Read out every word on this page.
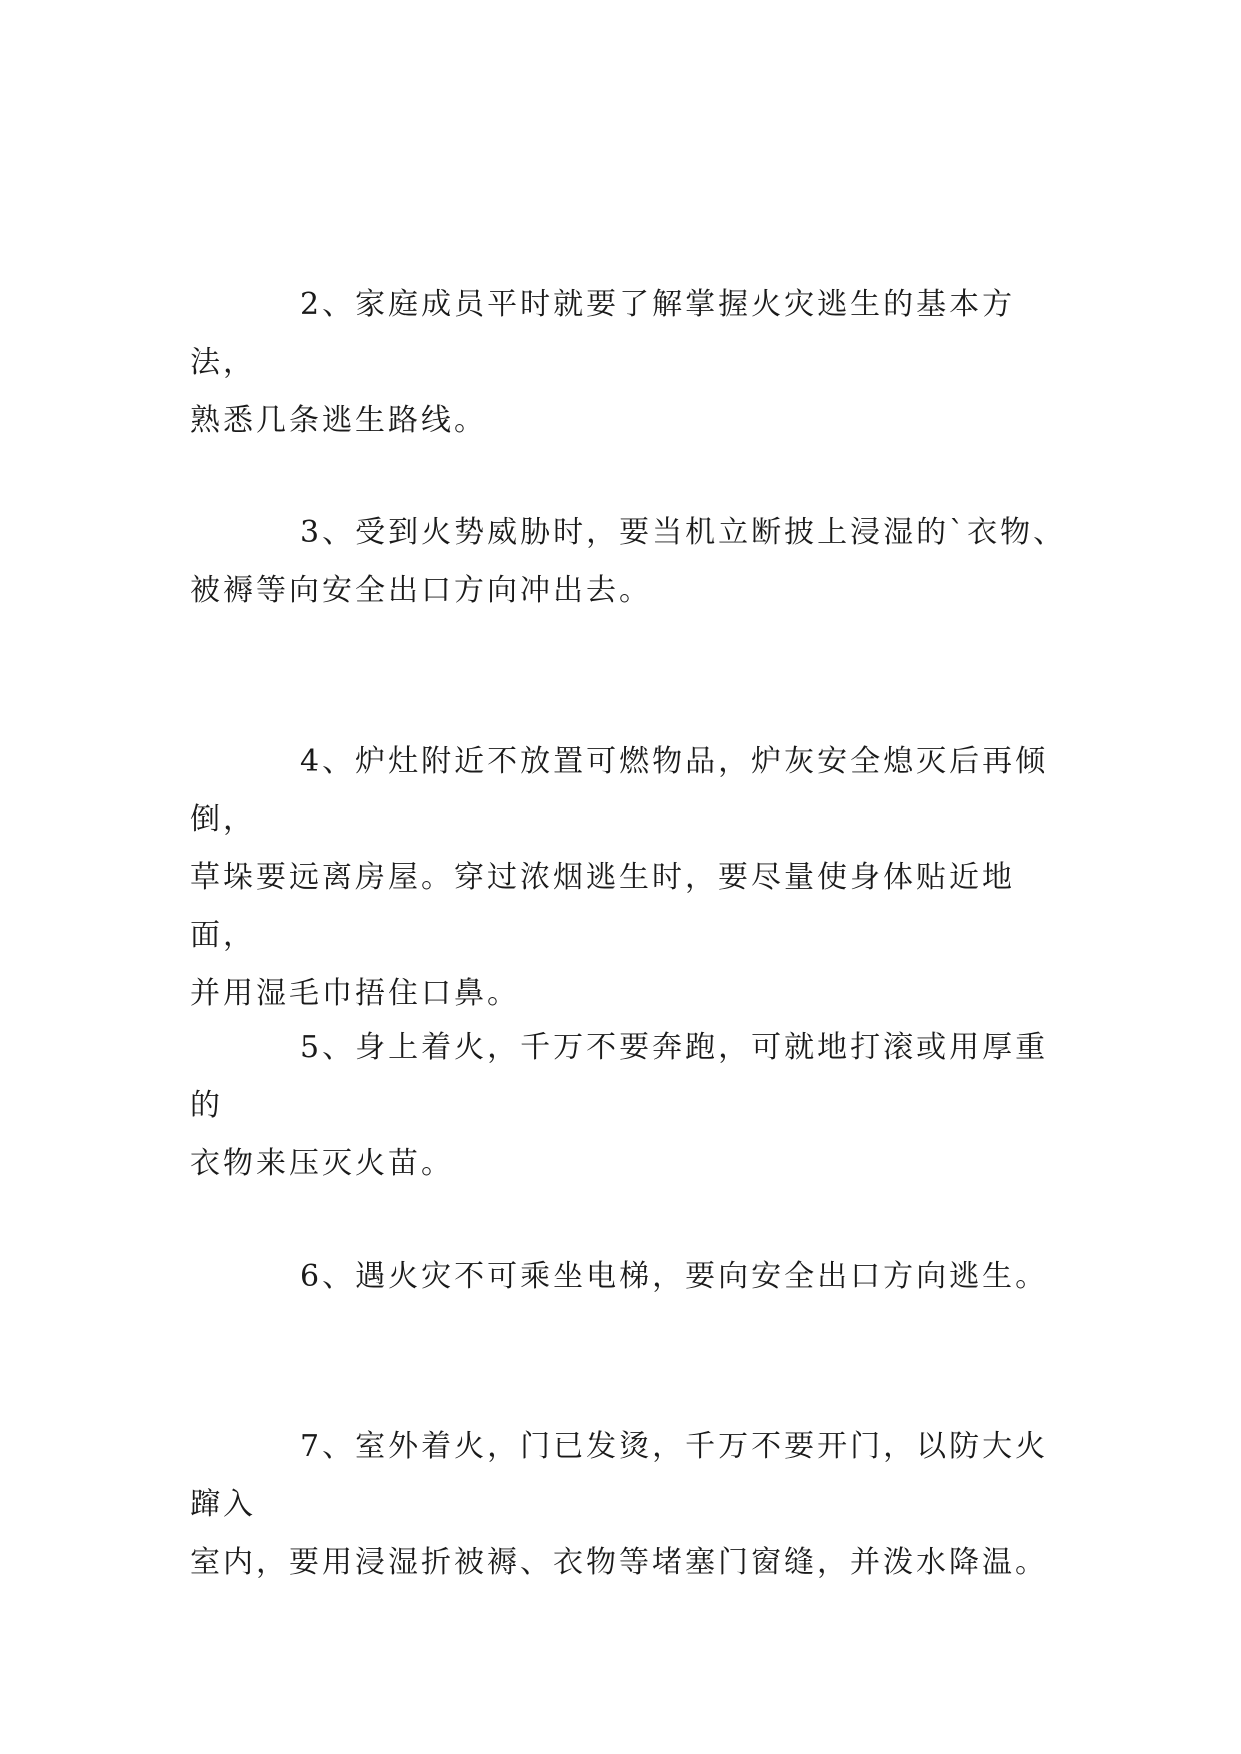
2、家庭成员平时就要了解掌握火灾逃生的基本方法，
熟悉几条逃生路线。

3、受到火势威胁时，要当机立断披上浸湿的`衣物、
被褥等向安全出口方向冲出去。

4、炉灶附近不放置可燃物品，炉灰安全熄灭后再倾倒，
草垛要远离房屋。穿过浓烟逃生时，要尽量使身体贴近地面，
并用湿毛巾捂住口鼻。

5、身上着火，千万不要奔跑，可就地打滚或用厚重的
衣物来压灭火苗。

6、遇火灾不可乘坐电梯，要向安全出口方向逃生。

7、室外着火，门已发烫，千万不要开门，以防大火蹿入
室内，要用浸湿折被褥、衣物等堵塞门窗缝，并泼水降温。
